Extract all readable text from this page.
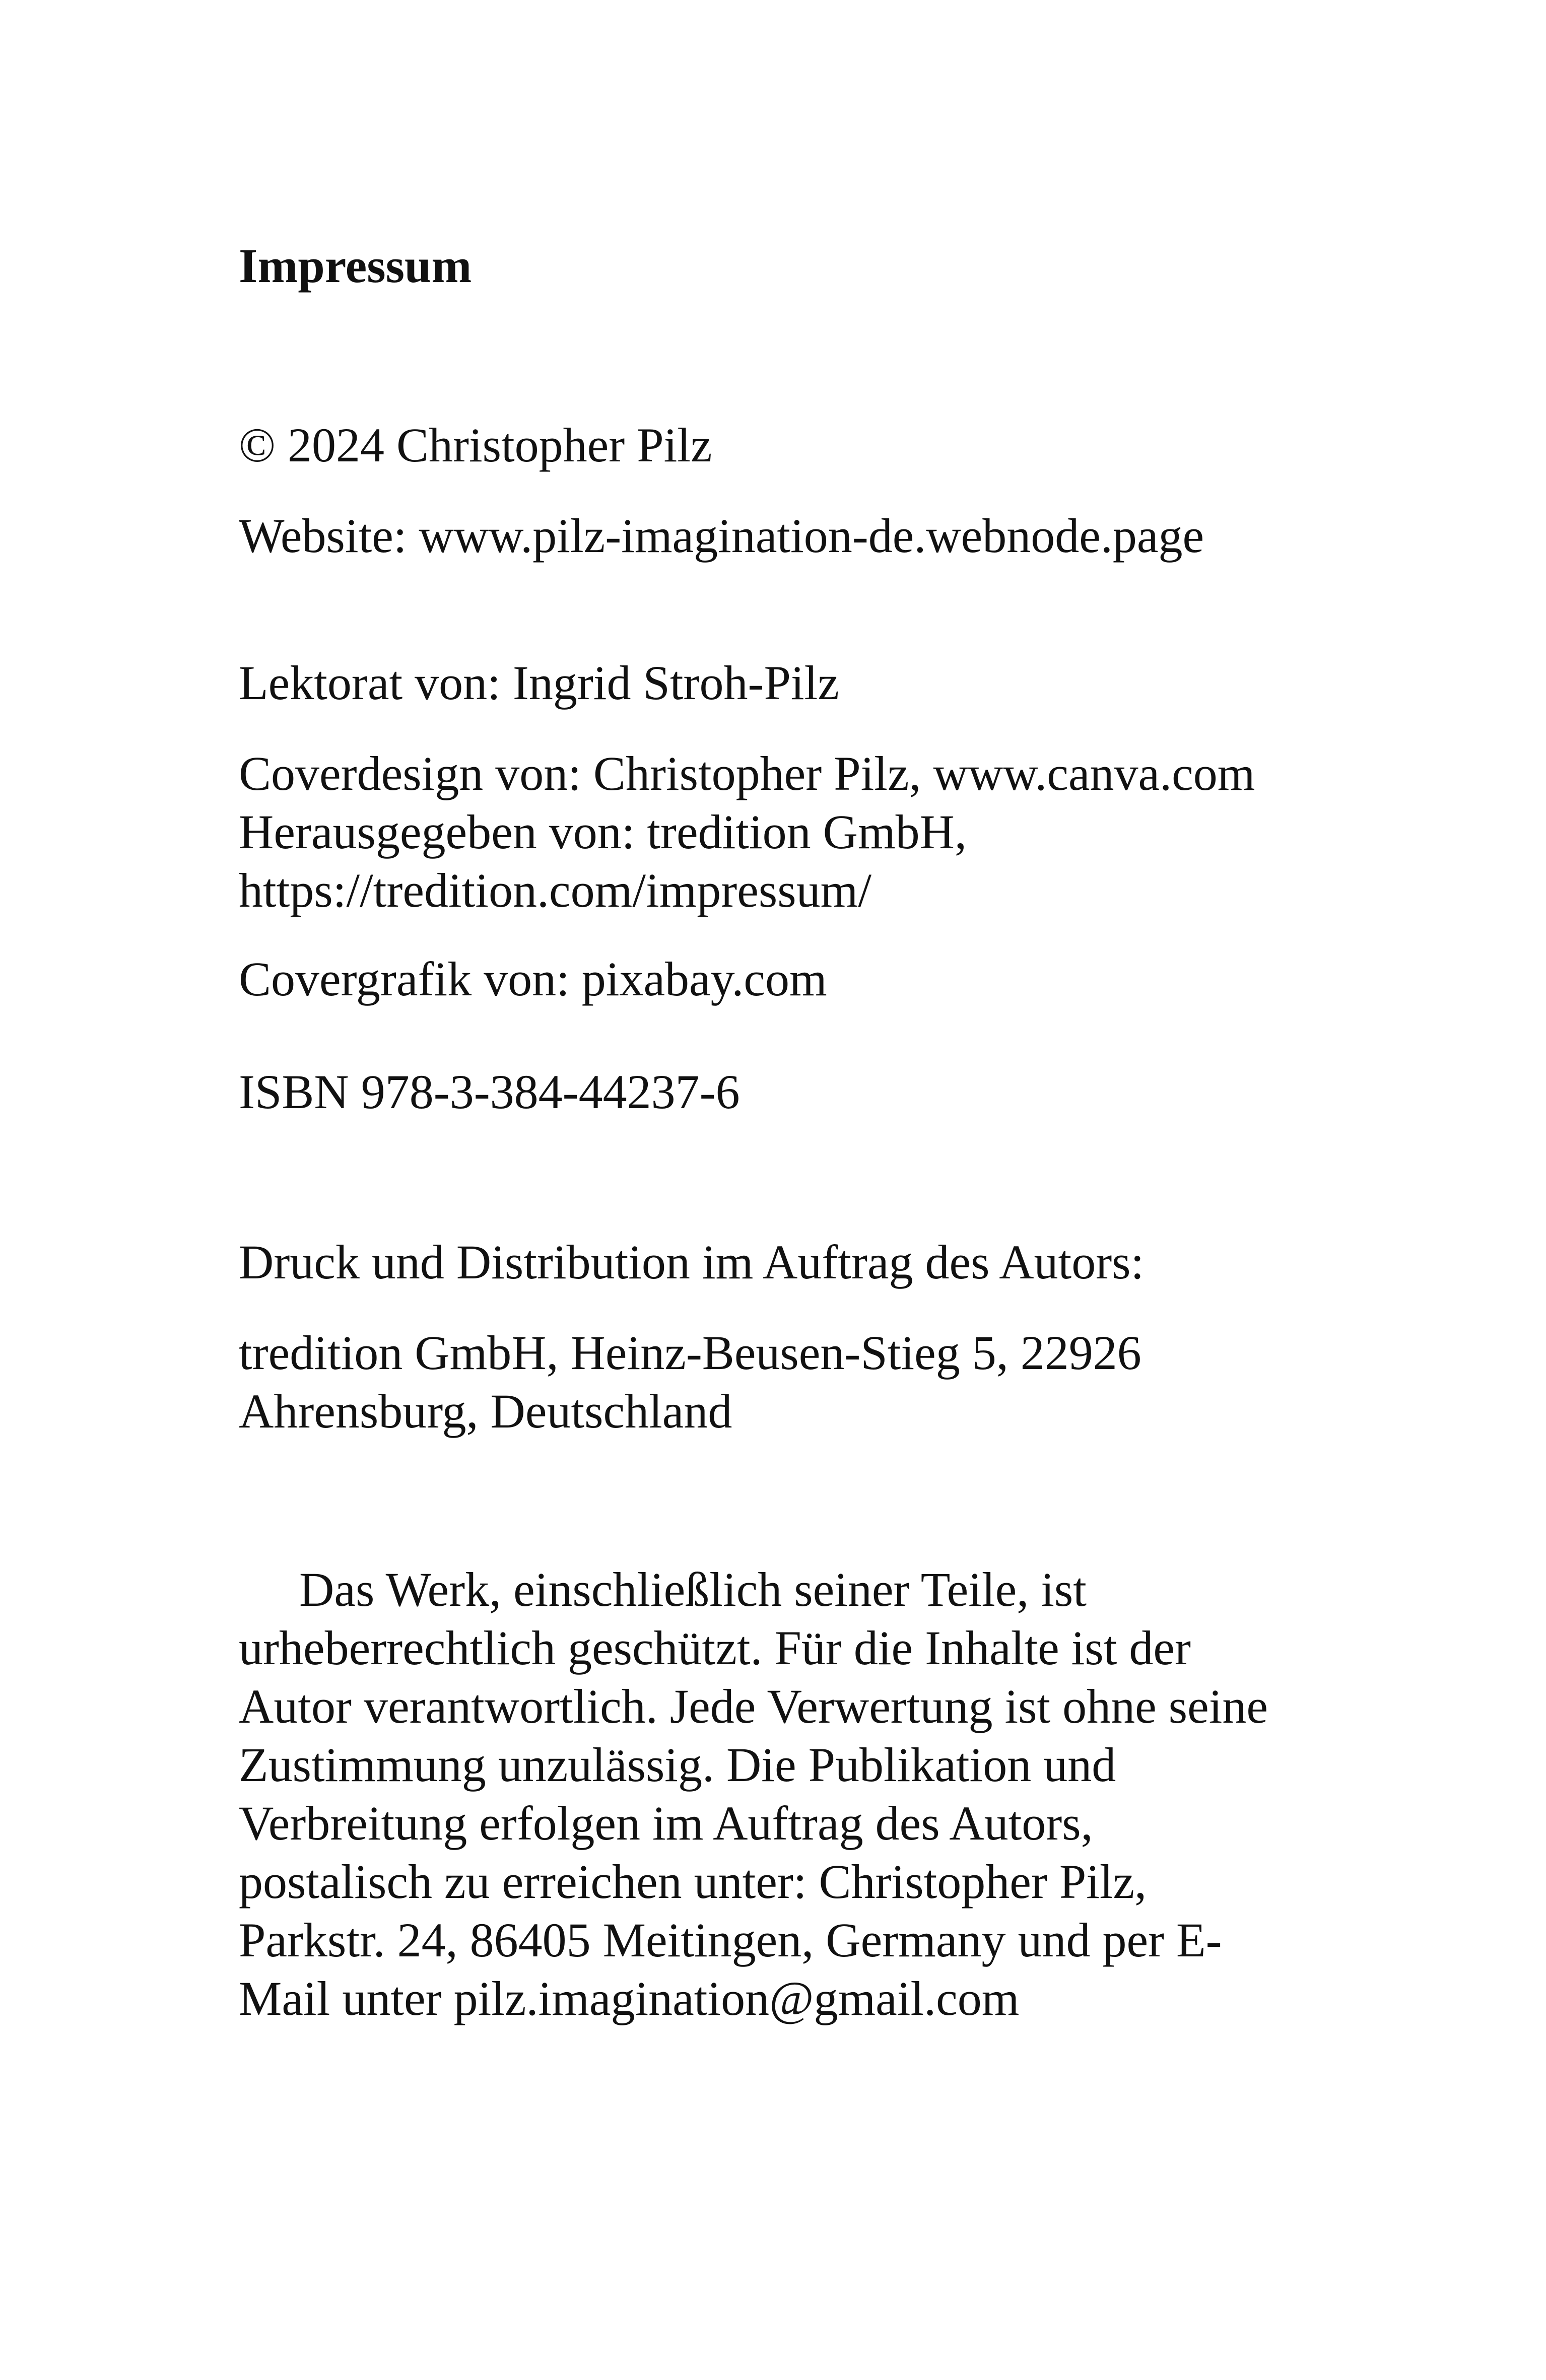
Impressum

© 2024 Christopher Pilz

Website: www.pilz-imagination-de.webnode.page

Lektorat von: Ingrid Stroh-Pilz

Coverdesign von: Christopher Pilz, www.canva.com

Herausgegeben von: tredition GmbH,

https://tredition.com/impressum/

Covergrafik von: pixabay.com

ISBN 978-3-384-44237-6

Druck und Distribution im Auftrag des Autors:

tredition GmbH, Heinz-Beusen-Stieg 5, 22926

Ahrensburg, Deutschland

Das Werk, einschließlich seiner Teile, ist

urheberrechtlich geschützt. Für die Inhalte ist der

Autor verantwortlich. Jede Verwertung ist ohne seine

Zustimmung unzulässig. Die Publikation und

Verbreitung erfolgen im Auftrag des Autors,

postalisch zu erreichen unter: Christopher Pilz,

Parkstr. 24, 86405 Meitingen, Germany und per E-

Mail unter pilz.imagination@gmail.com
